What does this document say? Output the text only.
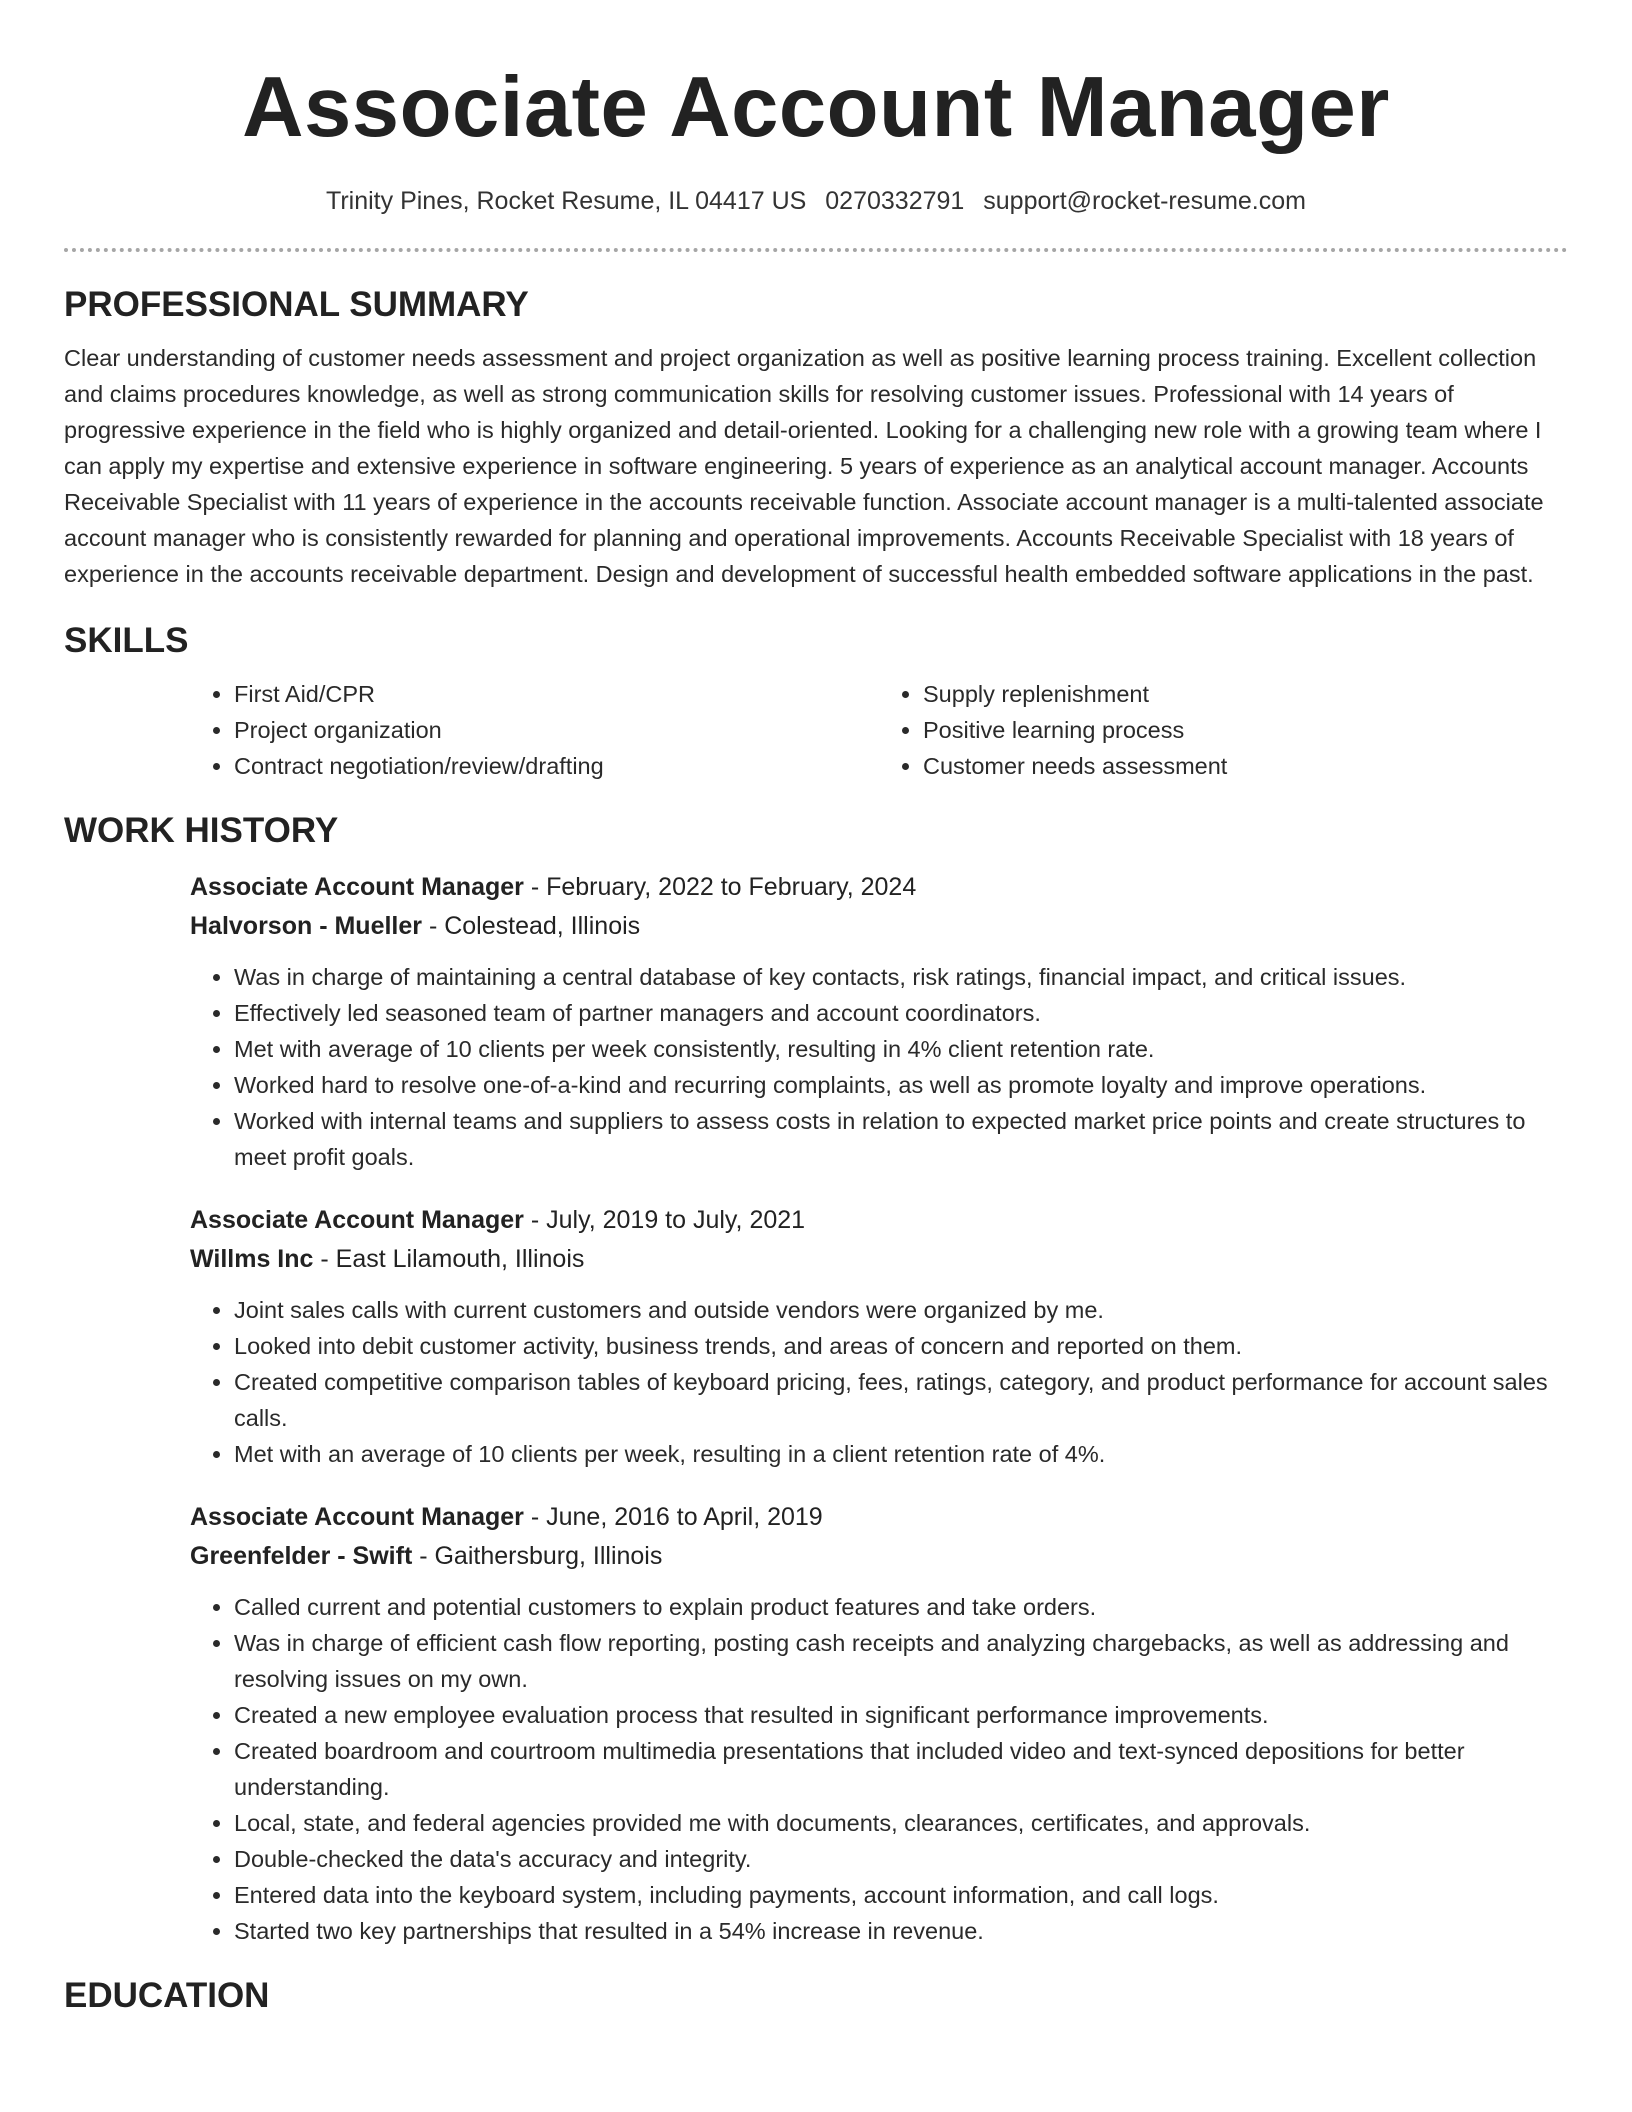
Associate Account Manager
Trinity Pines, Rocket Resume, IL 04417 US 0270332791 support@rocket-resume.com
PROFESSIONAL SUMMARY

Clear understanding of customer needs assessment and project organization as well as positive learning process training. Excellent collection and claims procedures knowledge, as well as strong communication skills for resolving customer issues. Professional with 14 years of progressive experience in the field who is highly organized and detail-oriented. Looking for a challenging new role with a growing team where I can apply my expertise and extensive experience in software engineering. 5 years of experience as an analytical account manager. Accounts Receivable Specialist with 11 years of experience in the accounts receivable function. Associate account manager is a multi-talented associate account manager who is consistently rewarded for planning and operational improvements. Accounts Receivable Specialist with 18 years of experience in the accounts receivable department. Design and development of successful health embedded software applications in the past.

SKILLS
• First Aid/CPR
• Project organization
• Contract negotiation/review/drafting
• Supply replenishment
• Positive learning process
• Customer needs assessment
WORK HISTORY
Associate Account Manager - February, 2022 to February, 2024
Halvorson - Mueller - Colestead, Illinois
• Was in charge of maintaining a central database of key contacts, risk ratings, financial impact, and critical issues.
• Effectively led seasoned team of partner managers and account coordinators.
• Met with average of 10 clients per week consistently, resulting in 4% client retention rate.
• Worked hard to resolve one-of-a-kind and recurring complaints, as well as promote loyalty and improve operations.
• Worked with internal teams and suppliers to assess costs in relation to expected market price points and create structures to meet profit goals.
Associate Account Manager - July, 2019 to July, 2021
Willms Inc - East Lilamouth, Illinois
• Joint sales calls with current customers and outside vendors were organized by me.
• Looked into debit customer activity, business trends, and areas of concern and reported on them.
• Created competitive comparison tables of keyboard pricing, fees, ratings, category, and product performance for account sales calls.
• Met with an average of 10 clients per week, resulting in a client retention rate of 4%.
Associate Account Manager - June, 2016 to April, 2019
Greenfelder - Swift - Gaithersburg, Illinois
• Called current and potential customers to explain product features and take orders.
• Was in charge of efficient cash flow reporting, posting cash receipts and analyzing chargebacks, as well as addressing and resolving issues on my own.
• Created a new employee evaluation process that resulted in significant performance improvements.
• Created boardroom and courtroom multimedia presentations that included video and text-synced depositions for better understanding.
• Local, state, and federal agencies provided me with documents, clearances, certificates, and approvals.
• Double-checked the data's accuracy and integrity.
• Entered data into the keyboard system, including payments, account information, and call logs.
• Started two key partnerships that resulted in a 54% increase in revenue.
EDUCATION
